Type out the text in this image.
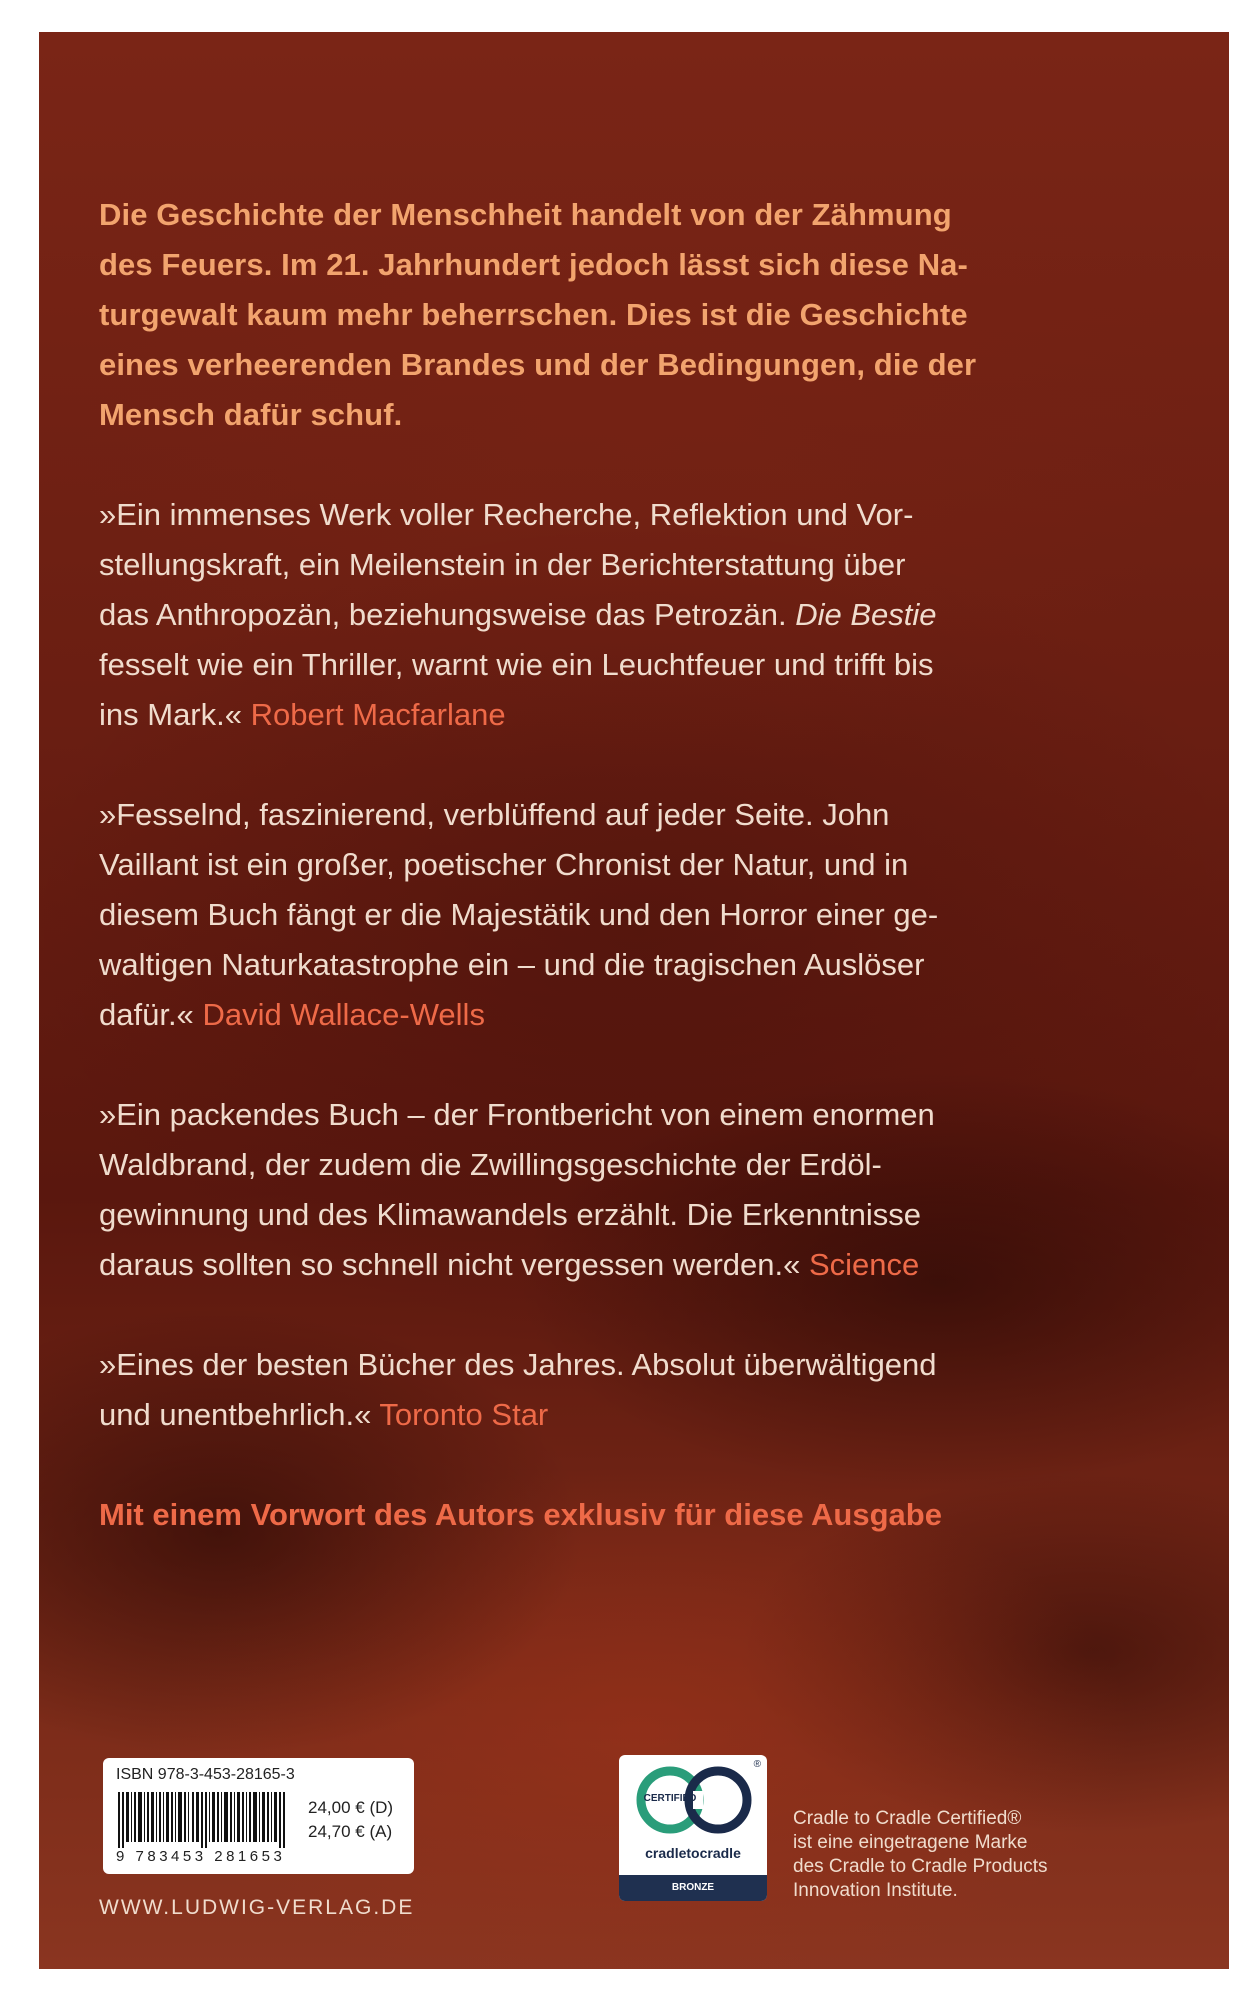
Die Geschichte der Menschheit handelt von der Zähmung
des Feuers. Im 21. Jahrhundert jedoch lässt sich diese Na-
turgewalt kaum mehr beherrschen. Dies ist die Geschichte
eines verheerenden Brandes und der Bedingungen, die der
Mensch dafür schuf.

»Ein immenses Werk voller Recherche, Reflektion und Vor-
stellungskraft, ein Meilenstein in der Berichterstattung über
das Anthropozän, beziehungsweise das Petrozän. Die Bestie
fesselt wie ein Thriller, warnt wie ein Leuchtfeuer und trifft bis
ins Mark.« Robert Macfarlane

»Fesselnd, faszinierend, verblüffend auf jeder Seite. John
Vaillant ist ein großer, poetischer Chronist der Natur, und in
diesem Buch fängt er die Majestätik und den Horror einer ge-
waltigen Naturkatastrophe ein – und die tragischen Auslöser
dafür.« David Wallace-Wells

»Ein packendes Buch – der Frontbericht von einem enormen
Waldbrand, der zudem die Zwillingsgeschichte der Erdöl-
gewinnung und des Klimawandels erzählt. Die Erkenntnisse
daraus sollten so schnell nicht vergessen werden.« Science

»Eines der besten Bücher des Jahres. Absolut überwältigend
und unentbehrlich.« Toronto Star

Mit einem Vorwort des Autors exklusiv für diese Ausgabe

ISBN 978-3-453-28165-3
9 783453 281653
24,00 € (D)
24,70 € (A)
WWW.LUDWIG-VERLAG.DE
CERTIFIED
®
cradletocradle
BRONZE
Cradle to Cradle Certified®
ist eine eingetragene Marke
des Cradle to Cradle Products
Innovation Institute.
